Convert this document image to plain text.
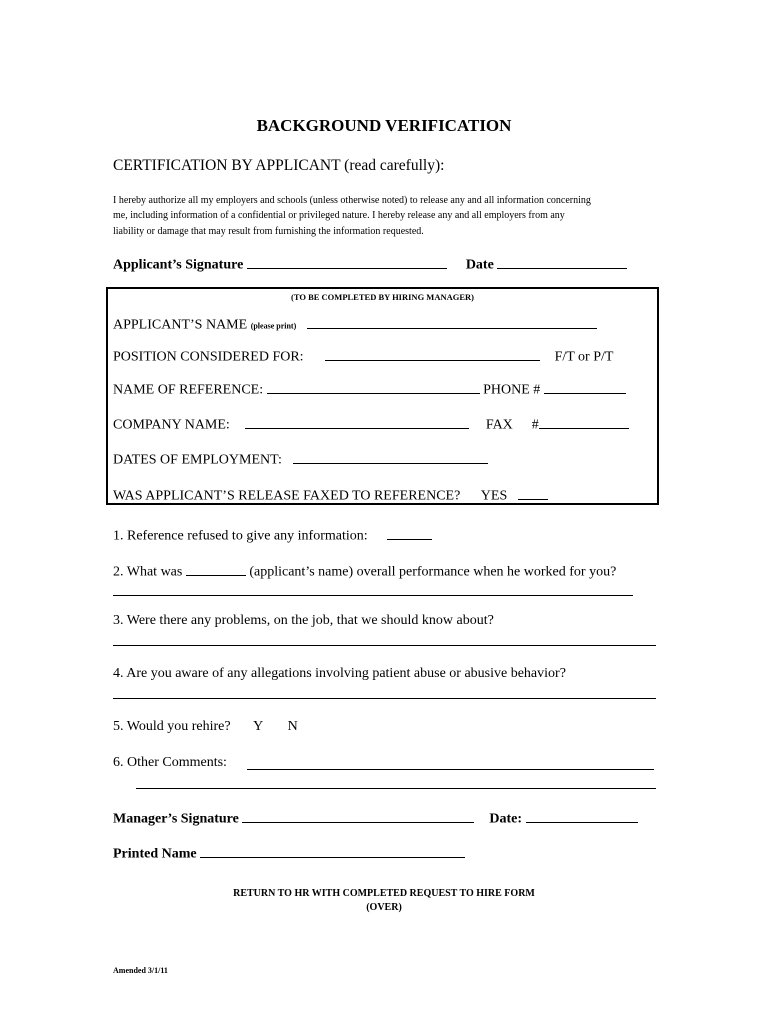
BACKGROUND VERIFICATION
CERTIFICATION BY APPLICANT (read carefully):
I hereby authorize all my employers and schools (unless otherwise noted) to release any and all information concerning
me, including information of a confidential or privileged nature. I hereby release any and all employers from any
liability or damage that may result from furnishing the information requested.
Applicant’s Signature	Date
(TO BE COMPLETED BY HIRING MANAGER)
APPLICANT’S NAME (please print)
POSITION CONSIDERED FOR:	F/T or P/T
NAME OF REFERENCE:	PHONE #
COMPANY NAME:	FAX #
DATES OF EMPLOYMENT:
WAS APPLICANT’S RELEASE FAXED TO REFERENCE? YES
1. Reference refused to give any information:
2. What was	(applicant’s name) overall performance when he worked for you?
3. Were there any problems, on the job, that we should know about?
4. Are you aware of any allegations involving patient abuse or abusive behavior?
5. Would you rehire? Y N
6. Other Comments:
Manager’s Signature	Date:
Printed Name
RETURN TO HR WITH COMPLETED REQUEST TO HIRE FORM
(OVER)
Amended 3/1/11
